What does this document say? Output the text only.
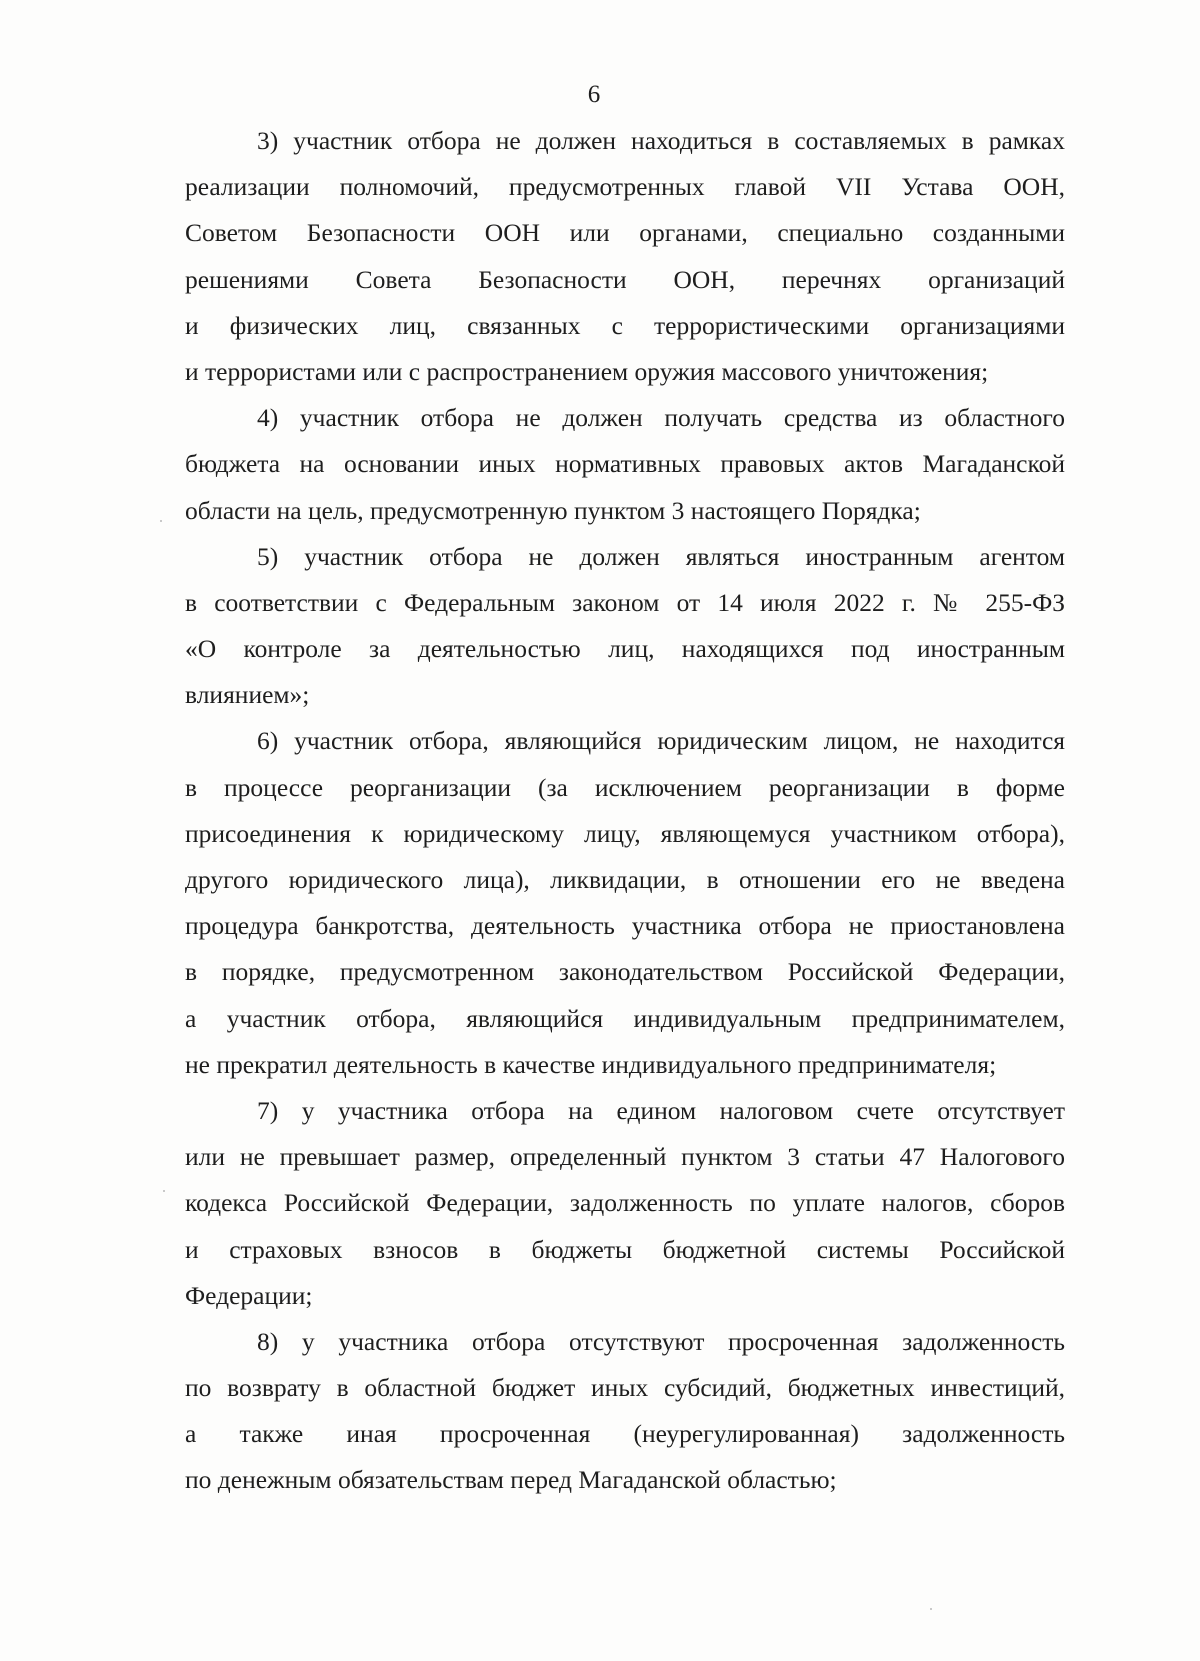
6
3) участник отбора не должен находиться в составляемых в рамках
реализации полномочий, предусмотренных главой VII Устава ООН,
Советом Безопасности ООН или органами, специально созданными
решениями Совета Безопасности ООН, перечнях организаций
и физических лиц, связанных с террористическими организациями
и террористами или с распространением оружия массового уничтожения;
4) участник отбора не должен получать средства из областного
бюджета на основании иных нормативных правовых актов Магаданской
области на цель, предусмотренную пунктом 3 настоящего Порядка;
5) участник отбора не должен являться иностранным агентом
в соответствии с Федеральным законом от 14 июля 2022 г. № 255-ФЗ
«О контроле за деятельностью лиц, находящихся под иностранным
влиянием»;
6) участник отбора, являющийся юридическим лицом, не находится
в процессе реорганизации (за исключением реорганизации в форме
присоединения к юридическому лицу, являющемуся участником отбора),
другого юридического лица), ликвидации, в отношении его не введена
процедура банкротства, деятельность участника отбора не приостановлена
в порядке, предусмотренном законодательством Российской Федерации,
а участник отбора, являющийся индивидуальным предпринимателем,
не прекратил деятельность в качестве индивидуального предпринимателя;
7) у участника отбора на едином налоговом счете отсутствует
или не превышает размер, определенный пунктом 3 статьи 47 Налогового
кодекса Российской Федерации, задолженность по уплате налогов, сборов
и страховых взносов в бюджеты бюджетной системы Российской
Федерации;
8) у участника отбора отсутствуют просроченная задолженность
по возврату в областной бюджет иных субсидий, бюджетных инвестиций,
а также иная просроченная (неурегулированная) задолженность
по денежным обязательствам перед Магаданской областью;
